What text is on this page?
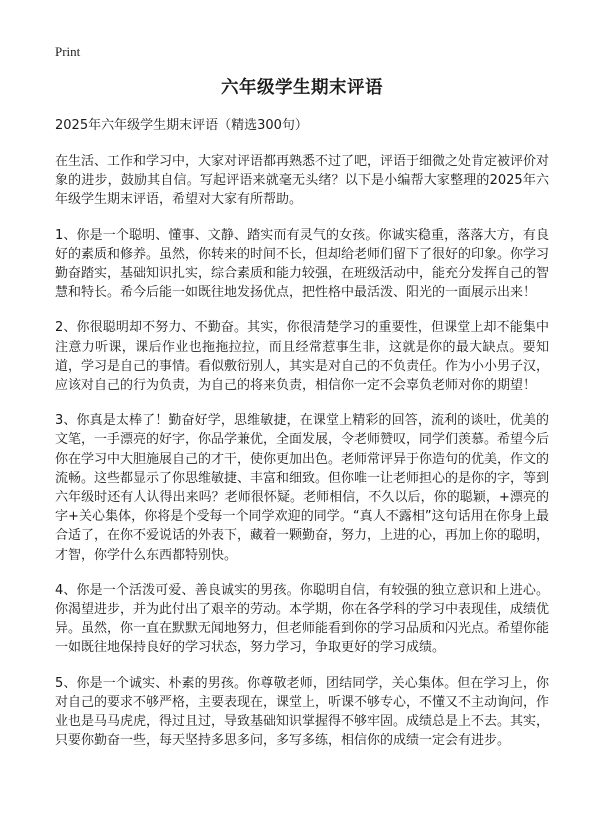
Print
六年级学生期末评语

2025年六年级学生期末评语（精选300句）

在生活、工作和学习中，大家对评语都再熟悉不过了吧，评语于细微之处肯定被评价对象的进步，鼓励其自信。写起评语来就毫无头绪？以下是小编帮大家整理的2025年六年级学生期末评语，希望对大家有所帮助。

1、你是一个聪明、懂事、文静、踏实而有灵气的女孩。你诚实稳重，落落大方，有良好的素质和修养。虽然，你转来的时间不长，但却给老师们留下了很好的印象。你学习勤奋踏实，基础知识扎实，综合素质和能力较强，在班级活动中，能充分发挥自己的智慧和特长。希今后能一如既往地发扬优点，把性格中最活泼、阳光的一面展示出来！

2、你很聪明却不努力、不勤奋。其实，你很清楚学习的重要性，但课堂上却不能集中注意力听课，课后作业也拖拖拉拉，而且经常惹事生非，这就是你的最大缺点。要知道，学习是自己的事情。看似敷衍别人，其实是对自己的不负责任。作为小小男子汉，应该对自己的行为负责，为自己的将来负责，相信你一定不会辜负老师对你的期望！

3、你真是太棒了！勤奋好学，思维敏捷，在课堂上精彩的回答，流利的谈吐，优美的文笔，一手漂亮的好字，你品学兼优，全面发展，令老师赞叹，同学们羡慕。希望今后你在学习中大胆施展自己的才干，使你更加出色。老师常评异于你造句的优美，作文的流畅。这些都显示了你思维敏捷、丰富和细致。但你唯一让老师担心的是你的字，等到六年级时还有人认得出来吗？老师很怀疑。老师相信，不久以后，你的聪颖，+漂亮的字+关心集体，你将是个受每一个同学欢迎的同学。“真人不露相”这句话用在你身上最合适了，在你不爱说话的外表下，藏着一颗勤奋，努力，上进的心，再加上你的聪明，才智，你学什么东西都特别快。

4、你是一个活泼可爱、善良诚实的男孩。你聪明自信，有较强的独立意识和上进心。你渴望进步，并为此付出了艰辛的劳动。本学期，你在各学科的学习中表现佳，成绩优异。虽然，你一直在默默无闻地努力，但老师能看到你的学习品质和闪光点。希望你能一如既往地保持良好的学习状态，努力学习，争取更好的学习成绩。

5、你是一个诚实、朴素的男孩。你尊敬老师，团结同学，关心集体。但在学习上，你对自己的要求不够严格，主要表现在，课堂上，听课不够专心，不懂又不主动询问，作业也是马马虎虎，得过且过，导致基础知识掌握得不够牢固。成绩总是上不去。其实，只要你勤奋一些，每天坚持多思多问，多写多练，相信你的成绩一定会有进步。
